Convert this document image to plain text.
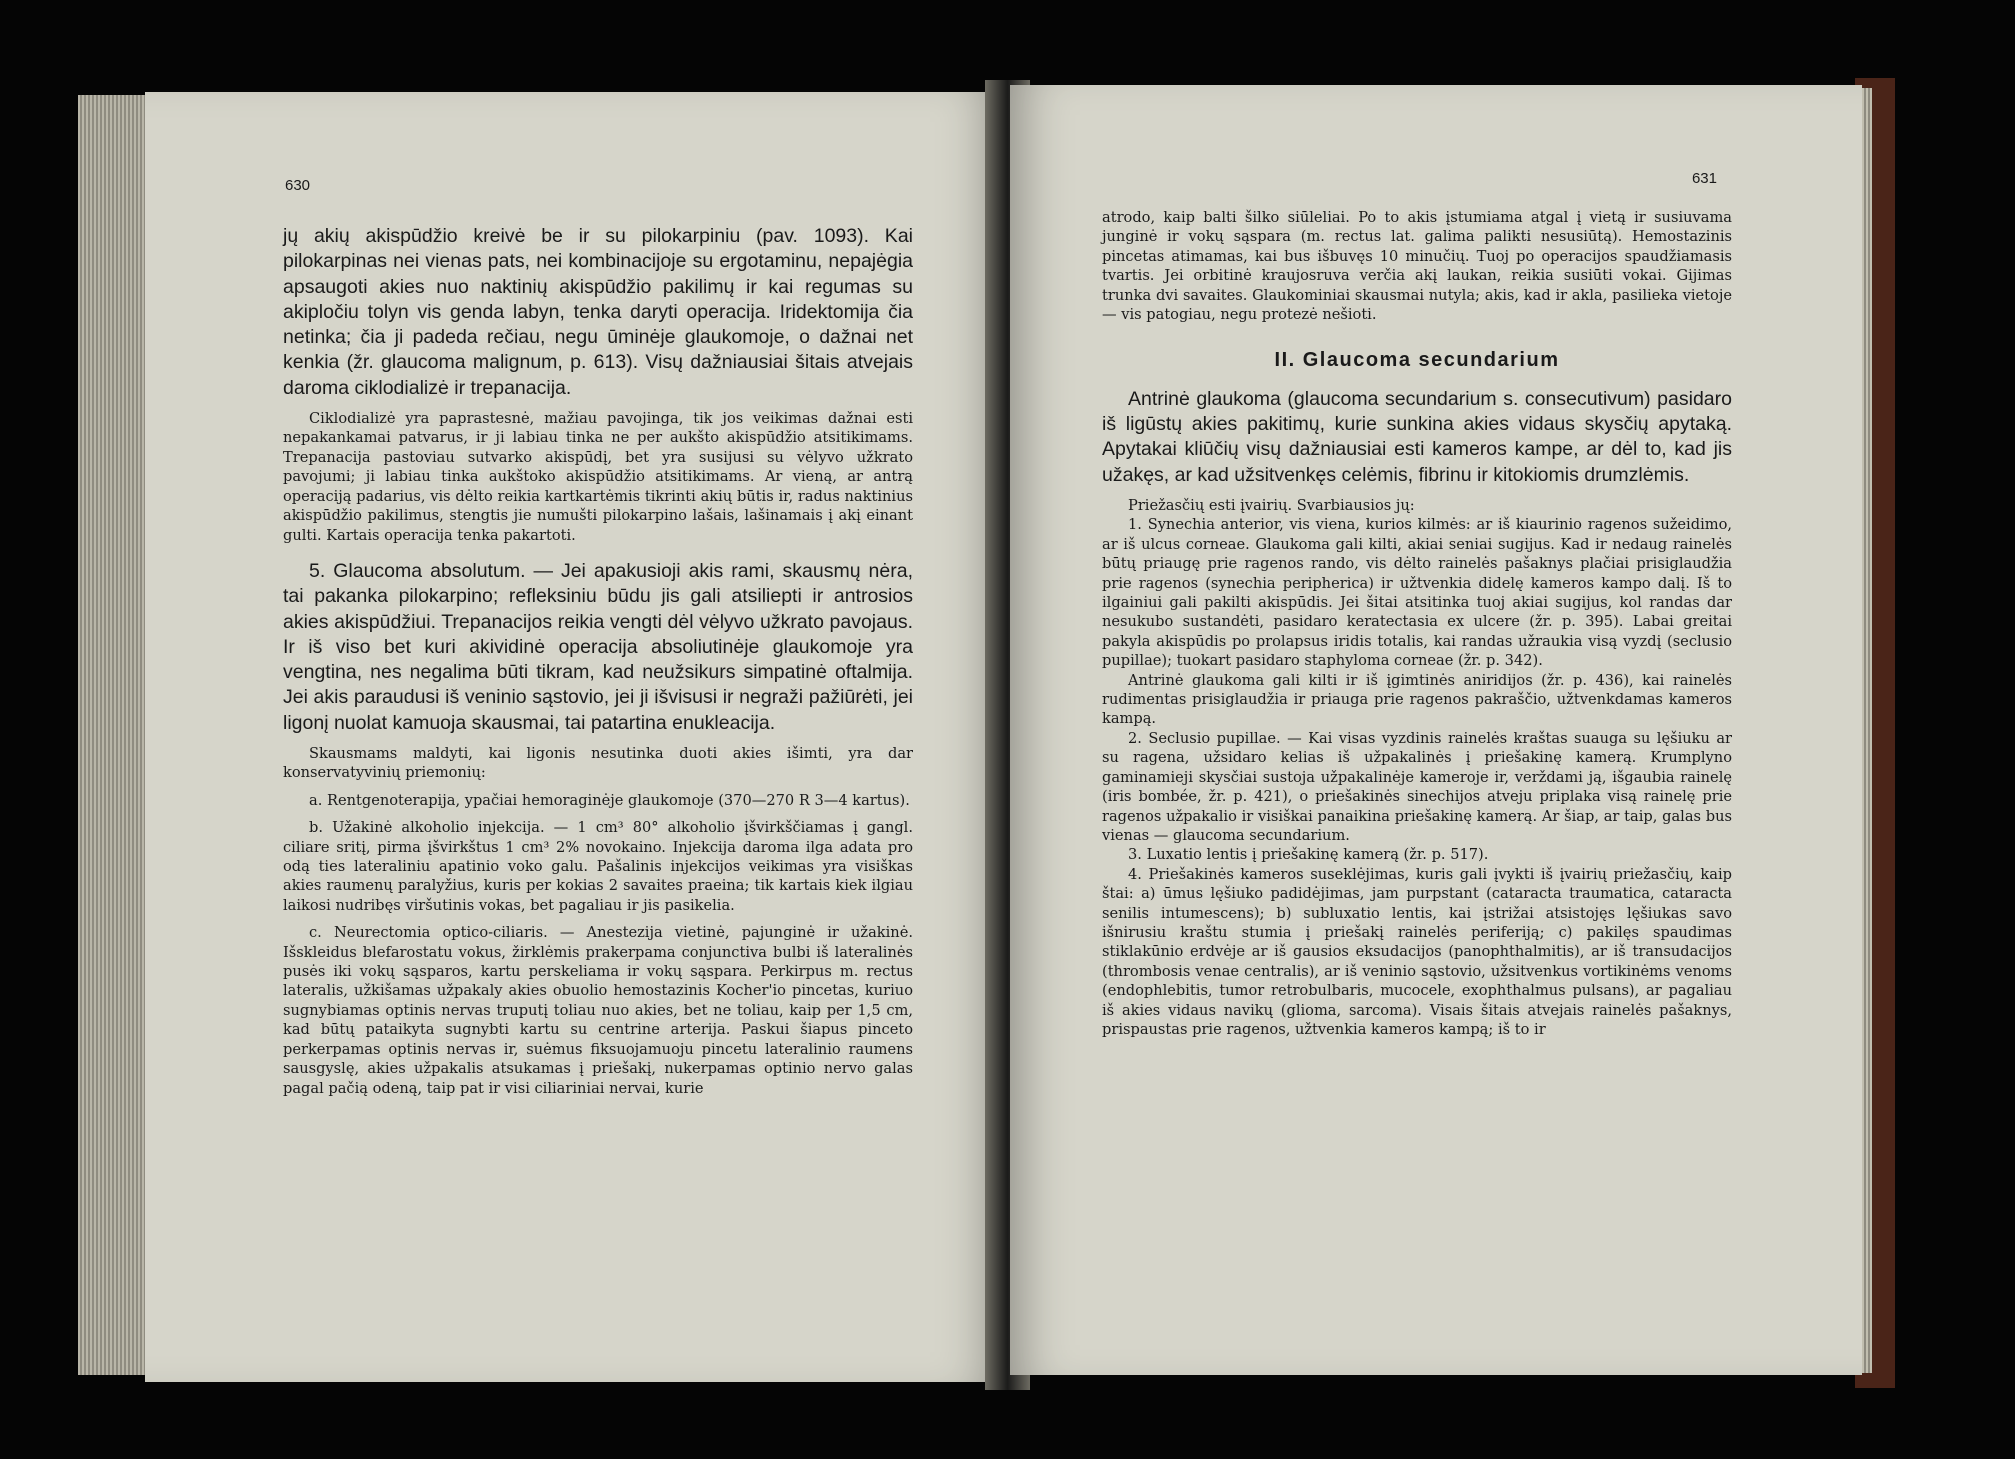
630

jų akių akispūdžio kreivė be ir su pilokarpiniu (pav. 1093). Kai pilokarpinas nei vienas pats, nei kombinacijoje su ergotaminu, nepajėgia apsaugoti akies nuo naktinių akispūdžio pakilimų ir kai regumas su akipločiu tolyn vis genda labyn, tenka daryti operacija. Iridektomija čia netinka; čia ji padeda rečiau, negu ūminėje glaukomoje, o dažnai net kenkia (žr. glaucoma malignum, p. 613). Visų dažniausiai šitais atvejais daroma ciklodializė ir trepanacija.

Ciklodializė yra paprastesnė, mažiau pavojinga, tik jos veikimas dažnai esti nepakankamai patvarus, ir ji labiau tinka ne per aukšto akispūdžio atsitikimams. Trepanacija pastoviau sutvarko akispūdį, bet yra susijusi su vėlyvo užkrato pavojumi; ji labiau tinka aukštoko akispūdžio atsitikimams. Ar vieną, ar antrą operaciją padarius, vis dėlto reikia kartkartėmis tikrinti akių būtis ir, radus naktinius akispūdžio pakilimus, stengtis jie numušti pilokarpino lašais, lašinamais į akį einant gulti. Kartais operacija tenka pakartoti.

5. Glaucoma absolutum. — Jei apakusioji akis rami, skausmų nėra, tai pakanka pilokarpino; refleksiniu būdu jis gali atsiliepti ir antrosios akies akispūdžiui. Trepanacijos reikia vengti dėl vėlyvo užkrato pavojaus. Ir iš viso bet kuri akividinė operacija absoliutinėje glaukomoje yra vengtina, nes negalima būti tikram, kad neužsikurs simpatinė oftalmija. Jei akis paraudusi iš veninio sąstovio, jei ji išvisusi ir negraži pažiūrėti, jei ligonį nuolat kamuoja skausmai, tai patartina enukleacija.

Skausmams maldyti, kai ligonis nesutinka duoti akies išimti, yra dar konservatyvinių priemonių:

a. Rentgenoterapija, ypačiai hemoraginėje glaukomoje (370—270 R 3—4 kartus).

b. Užakinė alkoholio injekcija. — 1 cm³ 80° alkoholio įšvirkščiamas į gangl. ciliare sritį, pirma įšvirkštus 1 cm³ 2% novokaino. Injekcija daroma ilga adata pro odą ties lateraliniu apatinio voko galu. Pašalinis injekcijos veikimas yra visiškas akies raumenų paralyžius, kuris per kokias 2 savaites praeina; tik kartais kiek ilgiau laikosi nudribęs viršutinis vokas, bet pagaliau ir jis pasikelia.

c. Neurectomia optico-ciliaris. — Anestezija vietinė, pajunginė ir užakinė. Išskleidus blefarostatu vokus, žirklėmis prakerpama conjunctiva bulbi iš lateralinės pusės iki vokų sąsparos, kartu perskeliama ir vokų sąspara. Perkirpus m. rectus lateralis, užkišamas užpakaly akies obuolio hemostazinis Kocher'io pincetas, kuriuo sugnybiamas optinis nervas truputį toliau nuo akies, bet ne toliau, kaip per 1,5 cm, kad būtų pataikyta sugnybti kartu su centrine arterija. Paskui šiapus pinceto perkerpamas optinis nervas ir, suėmus fiksuojamuoju pincetu lateralinio raumens sausgyslę, akies užpakalis atsukamas į priešakį, nukerpamas optinio nervo galas pagal pačią odeną, taip pat ir visi ciliariniai nervai, kurie

631

atrodo, kaip balti šilko siūleliai. Po to akis įstumiama atgal į vietą ir susiuvama junginė ir vokų sąspara (m. rectus lat. galima palikti nesusiūtą). Hemostazinis pincetas atimamas, kai bus išbuvęs 10 minučių. Tuoj po operacijos spaudžiamasis tvartis. Jei orbitinė kraujosruva verčia akį laukan, reikia susiūti vokai. Gijimas trunka dvi savaites. Glaukominiai skausmai nutyla; akis, kad ir akla, pasilieka vietoje — vis patogiau, negu protezė nešioti.

II. Glaucoma secundarium

Antrinė glaukoma (glaucoma secundarium s. consecutivum) pasidaro iš ligūstų akies pakitimų, kurie sunkina akies vidaus skysčių apytaką. Apytakai kliūčių visų dažniausiai esti kameros kampe, ar dėl to, kad jis užakęs, ar kad užsitvenkęs celėmis, fibrinu ir kitokiomis drumzlėmis.

Priežasčių esti įvairių. Svarbiausios jų:

1. Synechia anterior, vis viena, kurios kilmės: ar iš kiaurinio ragenos sužeidimo, ar iš ulcus corneae. Glaukoma gali kilti, akiai seniai sugijus. Kad ir nedaug rainelės būtų priaugę prie ragenos rando, vis dėlto rainelės pašaknys plačiai prisiglaudžia prie ragenos (synechia peripherica) ir užtvenkia didelę kameros kampo dalį. Iš to ilgainiui gali pakilti akispūdis. Jei šitai atsitinka tuoj akiai sugijus, kol randas dar nesukubo sustandėti, pasidaro keratectasia ex ulcere (žr. p. 395). Labai greitai pakyla akispūdis po prolapsus iridis totalis, kai randas užraukia visą vyzdį (seclusio pupillae); tuokart pasidaro staphyloma corneae (žr. p. 342).

Antrinė glaukoma gali kilti ir iš įgimtinės aniridijos (žr. p. 436), kai rainelės rudimentas prisiglaudžia ir priauga prie ragenos pakraščio, užtvenkdamas kameros kampą.

2. Seclusio pupillae. — Kai visas vyzdinis rainelės kraštas suauga su lęšiuku ar su ragena, užsidaro kelias iš užpakalinės į priešakinę kamerą. Krumplyno gaminamieji skysčiai sustoja užpakalinėje kameroje ir, verždami ją, išgaubia rainelę (iris bombée, žr. p. 421), o priešakinės sinechijos atveju priplaka visą rainelę prie ragenos užpakalio ir visiškai panaikina priešakinę kamerą. Ar šiap, ar taip, galas bus vienas — glaucoma secundarium.

3. Luxatio lentis į priešakinę kamerą (žr. p. 517).

4. Priešakinės kameros suseklėjimas, kuris gali įvykti iš įvairių priežasčių, kaip štai: a) ūmus lęšiuko padidėjimas, jam purpstant (cataracta traumatica, cataracta senilis intumescens); b) subluxatio lentis, kai įstrižai atsistojęs lęšiukas savo išnirusiu kraštu stumia į priešakį rainelės periferiją; c) pakilęs spaudimas stiklakūnio erdvėje ar iš gausios eksudacijos (panophthalmitis), ar iš transudacijos (thrombosis venae centralis), ar iš veninio sąstovio, užsitvenkus vortikinėms venoms (endophlebitis, tumor retrobulbaris, mucocele, exophthalmus pulsans), ar pagaliau iš akies vidaus navikų (glioma, sarcoma). Visais šitais atvejais rainelės pašaknys, prispaustas prie ragenos, užtvenkia kameros kampą; iš to ir
